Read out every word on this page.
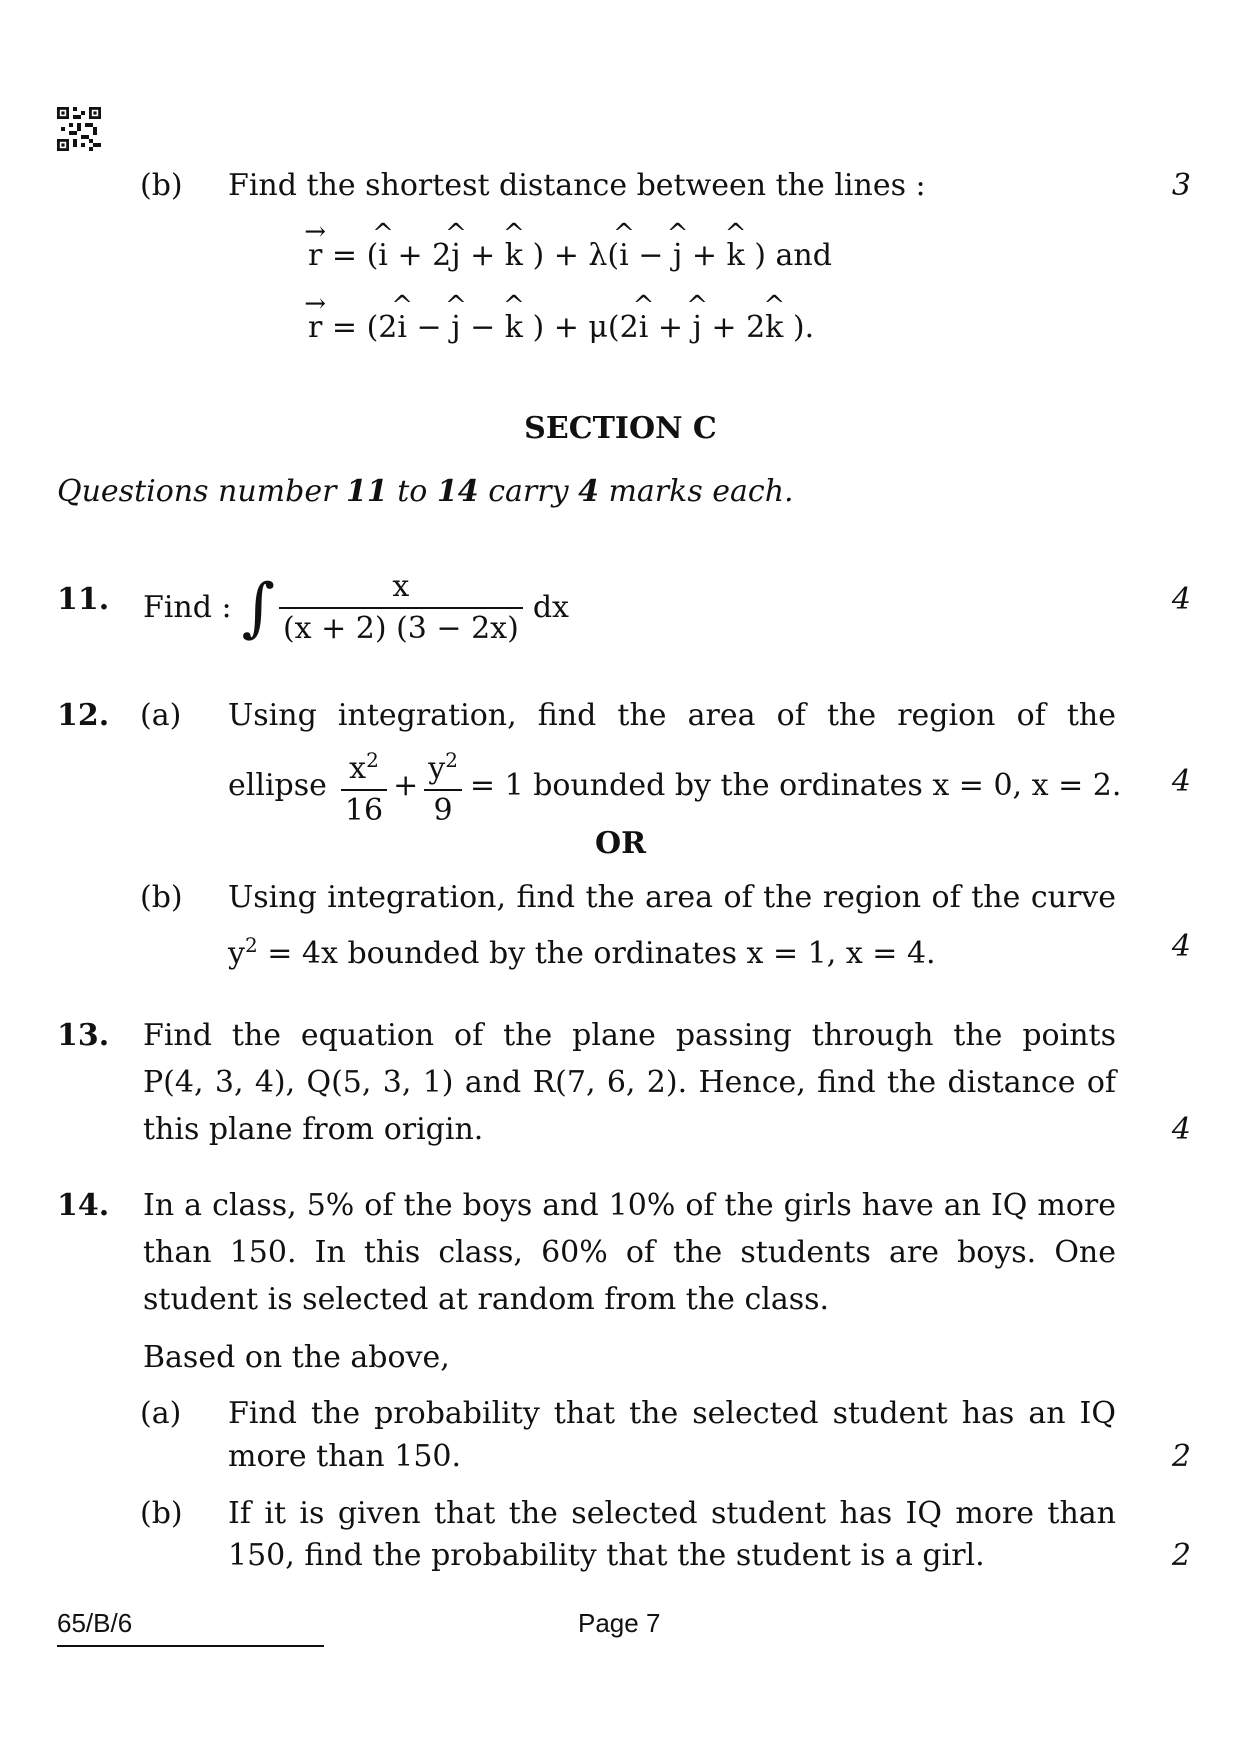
(b) Find the shortest distance between the lines :	3
→ r = (^ i + 2^ j + ^ k ) + λ(^ i − ^ j + ^ k ) and
→ r = (2^ i − ^ j − ^ k ) + μ(2^ i + ^ j + 2^ k ).
SECTION C
Questions number 11 to 14 carry 4 marks each.
11. Find : ∫ $\frac{x}{(x + 2) (3 - 2x)}$ dx	4
12. (a) Using integration, find the area of the region of the
ellipse $\frac{x^2}{16} + \frac{y^2}{9} = 1$ bounded by the ordinates x = 0, x = 2.	4
OR
(b) Using integration, find the area of the region of the curve
$y^2 = 4x$ bounded by the ordinates x = 1, x = 4.	4
13. Find the equation of the plane passing through the points
P(4, 3, 4), Q(5, 3, 1) and R(7, 6, 2). Hence, find the distance of
this plane from origin.	4
14. In a class, 5% of the boys and 10% of the girls have an IQ more
than 150. In this class, 60% of the students are boys. One
student is selected at random from the class.
Based on the above,
(a) Find the probability that the selected student has an IQ
more than 150.	2
(b) If it is given that the selected student has IQ more than
150, find the probability that the student is a girl.	2
65/B/6	Page 7
